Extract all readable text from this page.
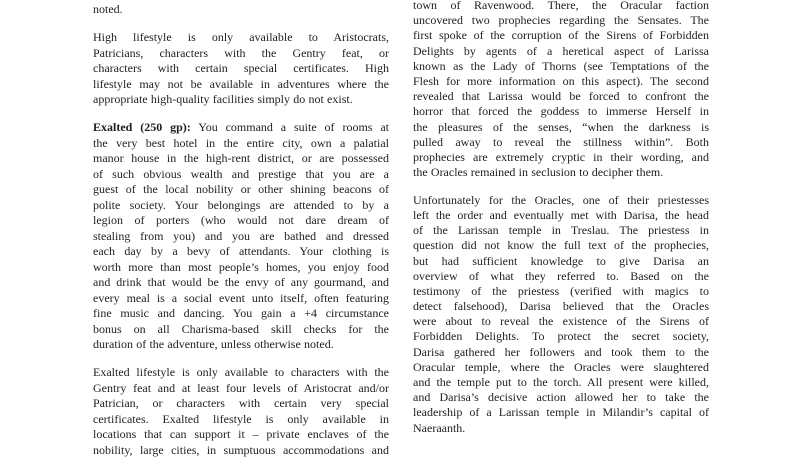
noted.
High lifestyle is only available to Aristocrats,
Patricians, characters with the Gentry feat, or
characters with certain special certificates. High
lifestyle may not be available in adventures where the
appropriate high-quality facilities simply do not exist.
Exalted (250 gp): You command a suite of rooms at
the very best hotel in the entire city, own a palatial
manor house in the high-rent district, or are possessed
of such obvious wealth and prestige that you are a
guest of the local nobility or other shining beacons of
polite society. Your belongings are attended to by a
legion of porters (who would not dare dream of
stealing from you) and you are bathed and dressed
each day by a bevy of attendants. Your clothing is
worth more than most people’s homes, you enjoy food
and drink that would be the envy of any gourmand, and
every meal is a social event unto itself, often featuring
fine music and dancing. You gain a +4 circumstance
bonus on all Charisma-based skill checks for the
duration of the adventure, unless otherwise noted.
Exalted lifestyle is only available to characters with the
Gentry feat and at least four levels of Aristocrat and/or
Patrician, or characters with certain very special
certificates. Exalted lifestyle is only available in
locations that can support it – private enclaves of the
nobility, large cities, in sumptuous accommodations and
town of Ravenwood. There, the Oracular faction
uncovered two prophecies regarding the Sensates. The
first spoke of the corruption of the Sirens of Forbidden
Delights by agents of a heretical aspect of Larissa
known as the Lady of Thorns (see Temptations of the
Flesh for more information on this aspect). The second
revealed that Larissa would be forced to confront the
horror that forced the goddess to immerse Herself in
the pleasures of the senses, “when the darkness is
pulled away to reveal the stillness within”. Both
prophecies are extremely cryptic in their wording, and
the Oracles remained in seclusion to decipher them.
Unfortunately for the Oracles, one of their priestesses
left the order and eventually met with Darisa, the head
of the Larissan temple in Treslau. The priestess in
question did not know the full text of the prophecies,
but had sufficient knowledge to give Darisa an
overview of what they referred to. Based on the
testimony of the priestess (verified with magics to
detect falsehood), Darisa believed that the Oracles
were about to reveal the existence of the Sirens of
Forbidden Delights. To protect the secret society,
Darisa gathered her followers and took them to the
Oracular temple, where the Oracles were slaughtered
and the temple put to the torch. All present were killed,
and Darisa’s decisive action allowed her to take the
leadership of a Larissan temple in Milandir’s capital of
Naeraanth.
